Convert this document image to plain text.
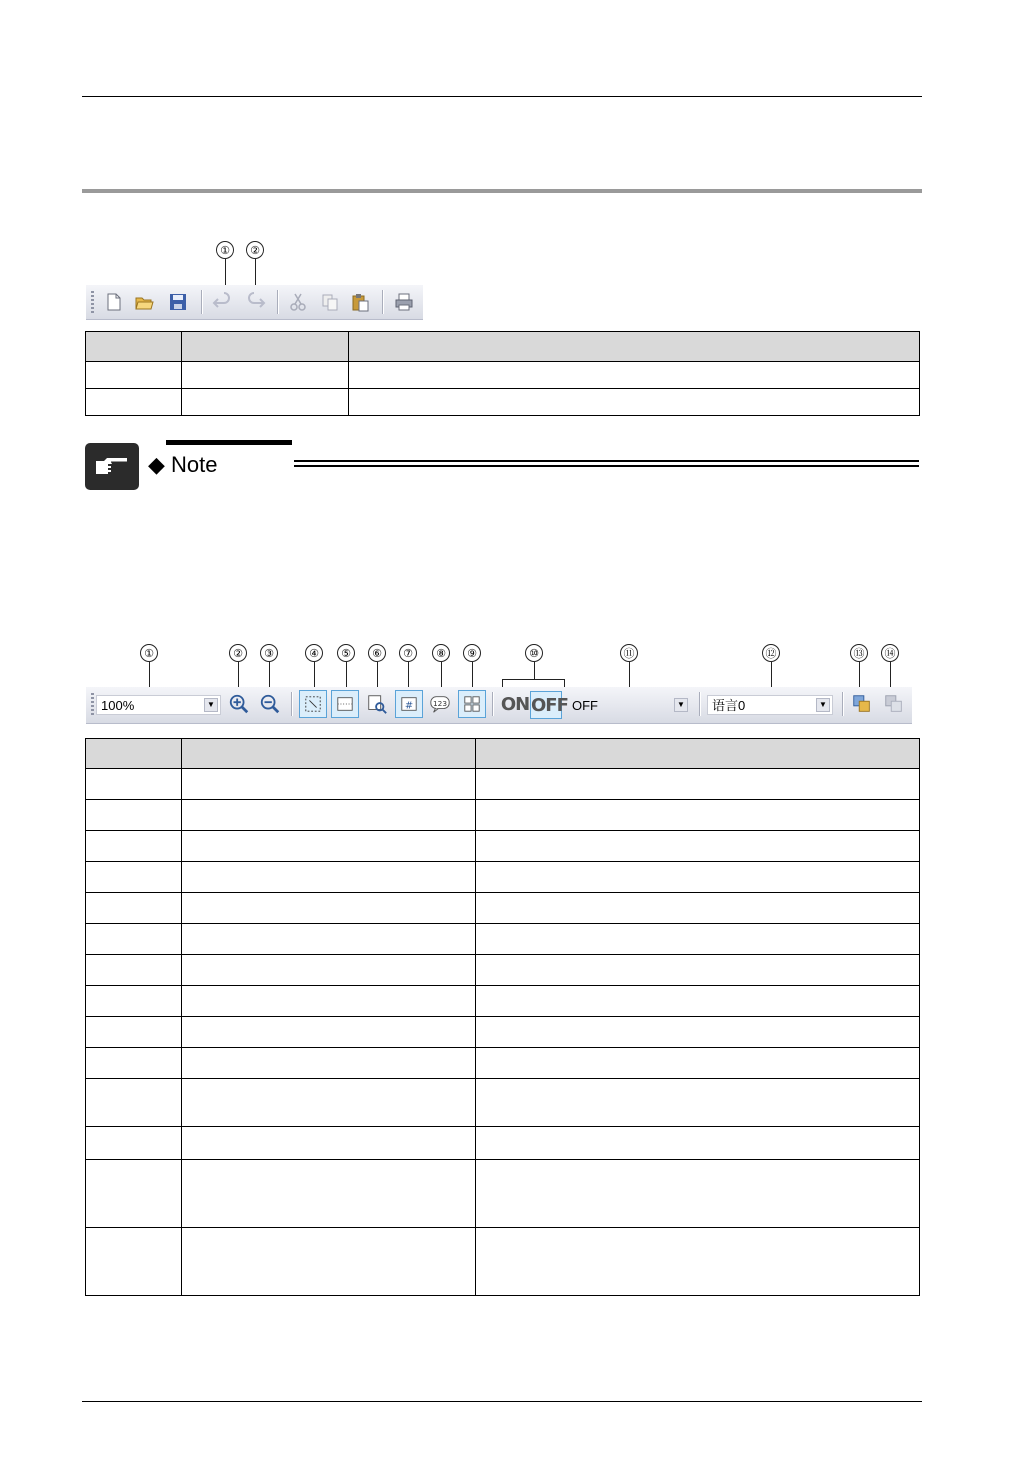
①	②

◆ Note
①	②	③	④	⑤	⑥	⑦	⑧	⑨	⑩	⑪	⑫	⑬	⑭
100%	▼	# 123	ON OFF OFF	▼ 语言0	▼
